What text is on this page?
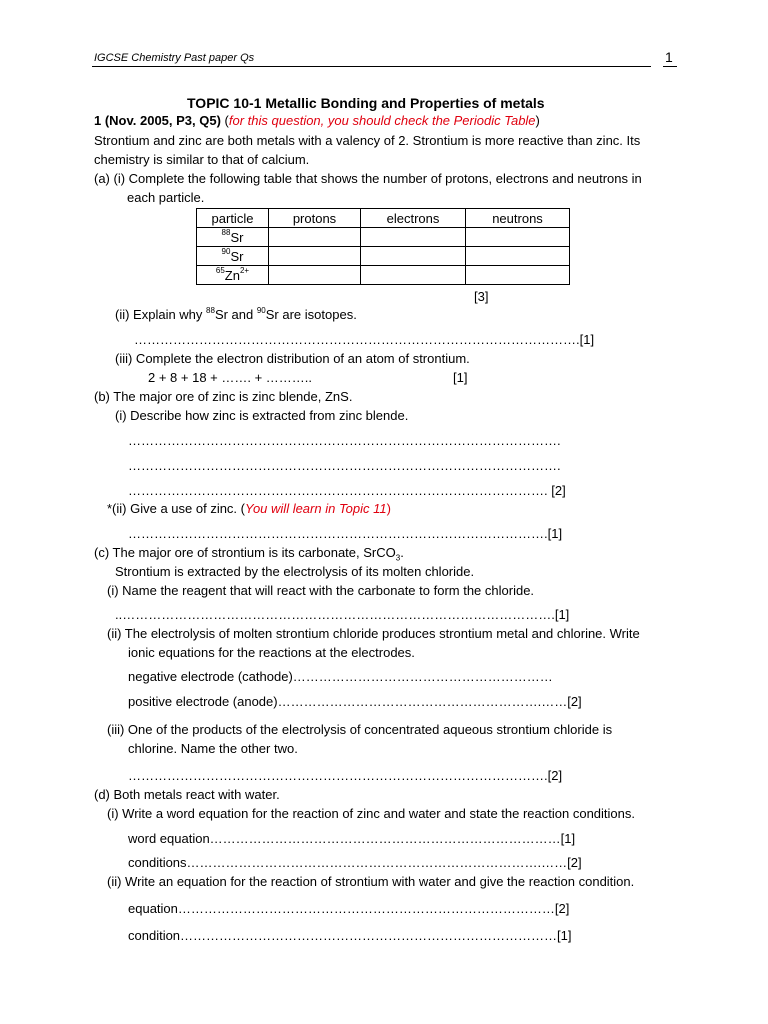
IGCSE Chemistry Past paper Qs	1
TOPIC 10-1 Metallic Bonding and Properties of metals
1 (Nov. 2005, P3, Q5) (for this question, you should check the Periodic Table)
Strontium and zinc are both metals with a valency of 2. Strontium is more reactive than zinc. Its
chemistry is similar to that of calcium.
(a) (i) Complete the following table that shows the number of protons, electrons and neutrons in
each particle.
particle	protons	electrons	neutrons
$^{88}$Sr			
$^{90}$Sr			
$^{65}Zn^{2+}$			
[3]
(ii) Explain why $^{88}$Sr and $^{90}$Sr are isotopes.
………………………………………………………………………………………….[1]
(iii) Complete the electron distribution of an atom of strontium.
2 + 8 + 18 + ……. + ………..	[1]
(b) The major ore of zinc is zinc blende, ZnS.
(i) Describe how zinc is extracted from zinc blende.
……………………………………………………………………………………….
……………………………………………………………………………………….
……………………………………………………………………………………. [2]
*(ii) Give a use of zinc. (You will learn in Topic 11)
…………………………………………………………………………………….[1]
(c) The major ore of strontium is its carbonate, SrCO$_3$.
Strontium is extracted by the electrolysis of its molten chloride.
(i) Name the reagent that will react with the carbonate to form the chloride.
..……………………………………………………………………………………….[1]
(ii) The electrolysis of molten strontium chloride produces strontium metal and chlorine. Write
ionic equations for the reactions at the electrodes.
negative electrode (cathode)……………………………………………………
positive electrode (anode)…………………………………………………….……[2]
(iii) One of the products of the electrolysis of concentrated aqueous strontium chloride is
chlorine. Name the other two.
…………………………………………………………………………………….[2]
(d) Both metals react with water.
(i) Write a word equation for the reaction of zinc and water and state the reaction conditions.
word equation………………………………………………………………………[1]
conditions……………………………………………………………………….……[2]
(ii) Write an equation for the reaction of strontium with water and give the reaction condition.
equation……………………………………………………………………………[2]
condition……………………………………………………………………………[1]
